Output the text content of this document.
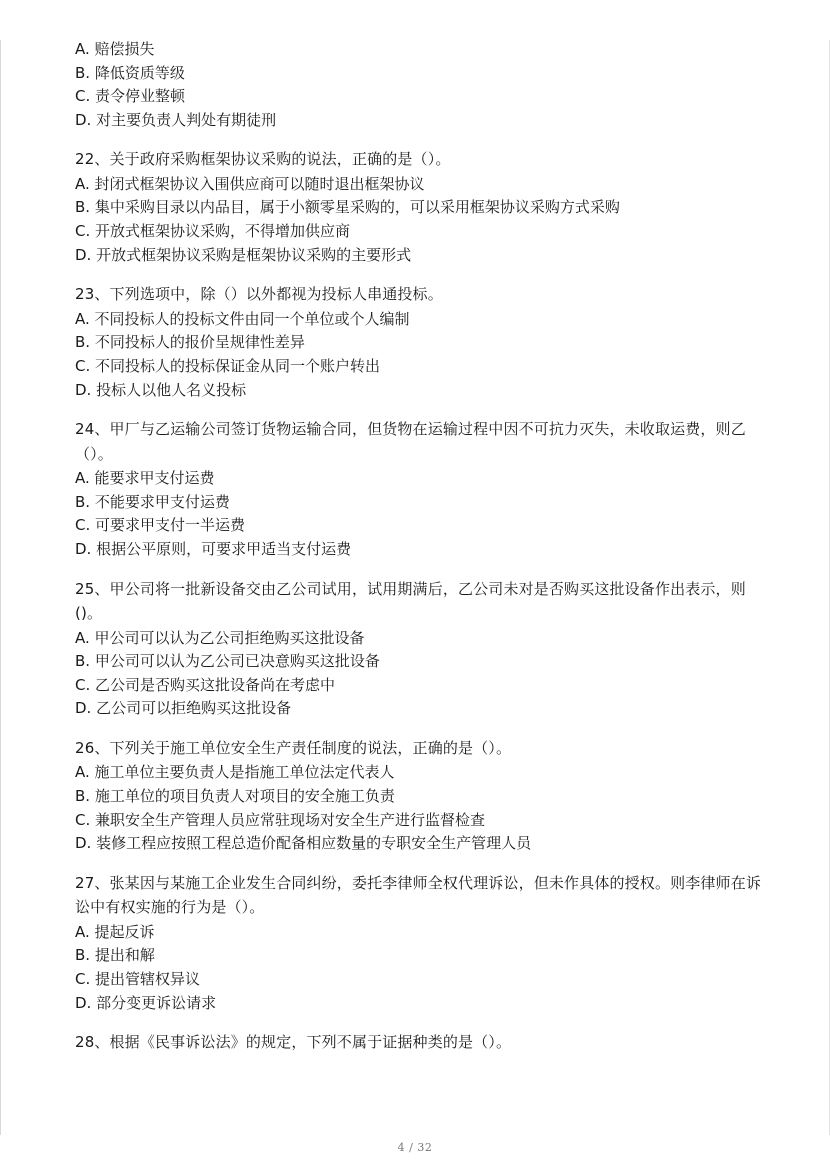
A. 赔偿损失
B. 降低资质等级
C. 责令停业整顿
D. 对主要负责人判处有期徒刑
22、关于政府采购框架协议采购的说法，正确的是（）。
A. 封闭式框架协议入围供应商可以随时退出框架协议
B. 集中采购目录以内品目，属于小额零星采购的，可以采用框架协议采购方式采购
C. 开放式框架协议采购，不得增加供应商
D. 开放式框架协议采购是框架协议采购的主要形式
23、下列选项中，除（）以外都视为投标人串通投标。
A. 不同投标人的投标文件由同一个单位或个人编制
B. 不同投标人的报价呈规律性差异
C. 不同投标人的投标保证金从同一个账户转出
D. 投标人以他人名义投标
24、甲厂与乙运输公司签订货物运输合同，但货物在运输过程中因不可抗力灭失，未收取运费，则乙（）。
A. 能要求甲支付运费
B. 不能要求甲支付运费
C. 可要求甲支付一半运费
D. 根据公平原则，可要求甲适当支付运费
25、甲公司将一批新设备交由乙公司试用，试用期满后，乙公司未对是否购买这批设备作出表示，则()。
A. 甲公司可以认为乙公司拒绝购买这批设备
B. 甲公司可以认为乙公司已决意购买这批设备
C. 乙公司是否购买这批设备尚在考虑中
D. 乙公司可以拒绝购买这批设备
26、下列关于施工单位安全生产责任制度的说法，正确的是（）。
A. 施工单位主要负责人是指施工单位法定代表人
B. 施工单位的项目负责人对项目的安全施工负责
C. 兼职安全生产管理人员应常驻现场对安全生产进行监督检查
D. 装修工程应按照工程总造价配备相应数量的专职安全生产管理人员
27、张某因与某施工企业发生合同纠纷，委托李律师全权代理诉讼，但未作具体的授权。则李律师在诉讼中有权实施的行为是（）。
A. 提起反诉
B. 提出和解
C. 提出管辖权异议
D. 部分变更诉讼请求
28、根据《民事诉讼法》的规定，下列不属于证据种类的是（）。
4 / 32
